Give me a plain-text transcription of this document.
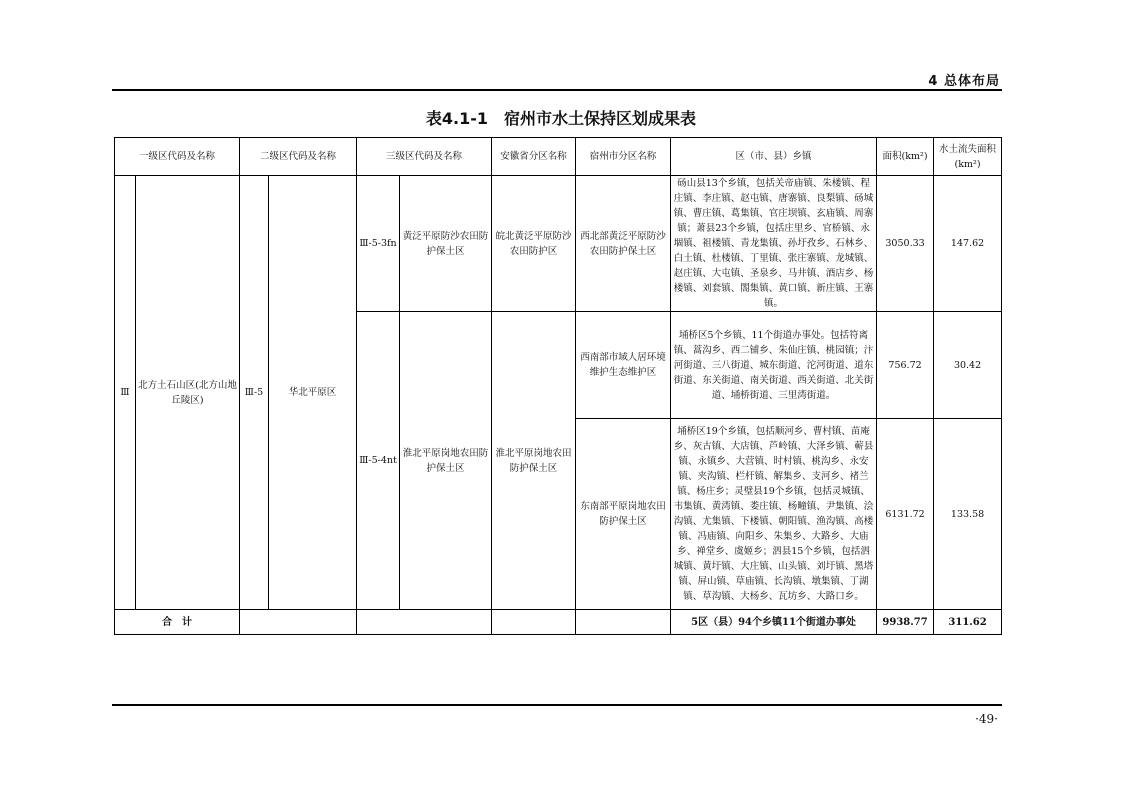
4 总体布局
表4.1-1 宿州市水土保持区划成果表
一级区代码及名称		二级区代码及名称		三级区代码及名称		安徽省分区名称	宿州市分区名称	区（市、县）乡镇	面积(km²)	水土流失面积(km²)
Ⅲ	北方土石山区(北方山地丘陵区)	Ⅲ-5	华北平原区	Ⅲ-5-3fn	黄泛平原防沙农田防护保土区	皖北黄泛平原防沙农田防护区	西北部黄泛平原防沙农田防护保土区	砀山县13个乡镇，包括关帝庙镇、朱楼镇、程庄镇、李庄镇、赵屯镇、唐寨镇、良梨镇、砀城镇、曹庄镇、葛集镇、官庄坝镇、玄庙镇、周寨镇；萧县23个乡镇，包括庄里乡、官桥镇、永堌镇、祖楼镇、青龙集镇、孙圩孜乡、石林乡、白土镇、杜楼镇、丁里镇、张庄寨镇、龙城镇、赵庄镇、大屯镇、圣泉乡、马井镇、酒店乡、杨楼镇、刘套镇、閤集镇、黄口镇、新庄镇、王寨镇。	3050.33	147.62
				Ⅲ-5-4nt	淮北平原岗地农田防护保土区	淮北平原岗地农田防护保土区	西南部市域人居环境维护生态维护区	埇桥区5个乡镇、11个街道办事处。包括符离镇、蒿沟乡、西二铺乡、朱仙庄镇、桃园镇；汴河街道、三八街道、城东街道、沱河街道、道东街道、东关街道、南关街道、西关街道、北关街道、埇桥街道、三里湾街道。	756.72	30.42
							东南部平原岗地农田防护保土区	埇桥区19个乡镇，包括顺河乡、曹村镇、苗庵乡、灰古镇、大店镇、芦岭镇、大泽乡镇、蕲县镇、永镇乡、大营镇、时村镇、桃沟乡、永安镇、夹沟镇、栏杆镇、解集乡、支河乡、褚兰镇、杨庄乡；灵璧县19个乡镇，包括灵城镇、韦集镇、黄湾镇、娄庄镇、杨疃镇、尹集镇、浍沟镇、尤集镇、下楼镇、朝阳镇、渔沟镇、高楼镇、冯庙镇、向阳乡、朱集乡、大路乡、大庙乡、禅堂乡、虞姬乡；泗县15个乡镇，包括泗城镇、黄圩镇、大庄镇、山头镇、刘圩镇、黑塔镇、屏山镇、草庙镇、长沟镇、墩集镇、丁湖镇、草沟镇、大杨乡、瓦坊乡、大路口乡。	6131.72	133.58
合　计								5区（县）94个乡镇11个街道办事处	9938.77	311.62
·49·
